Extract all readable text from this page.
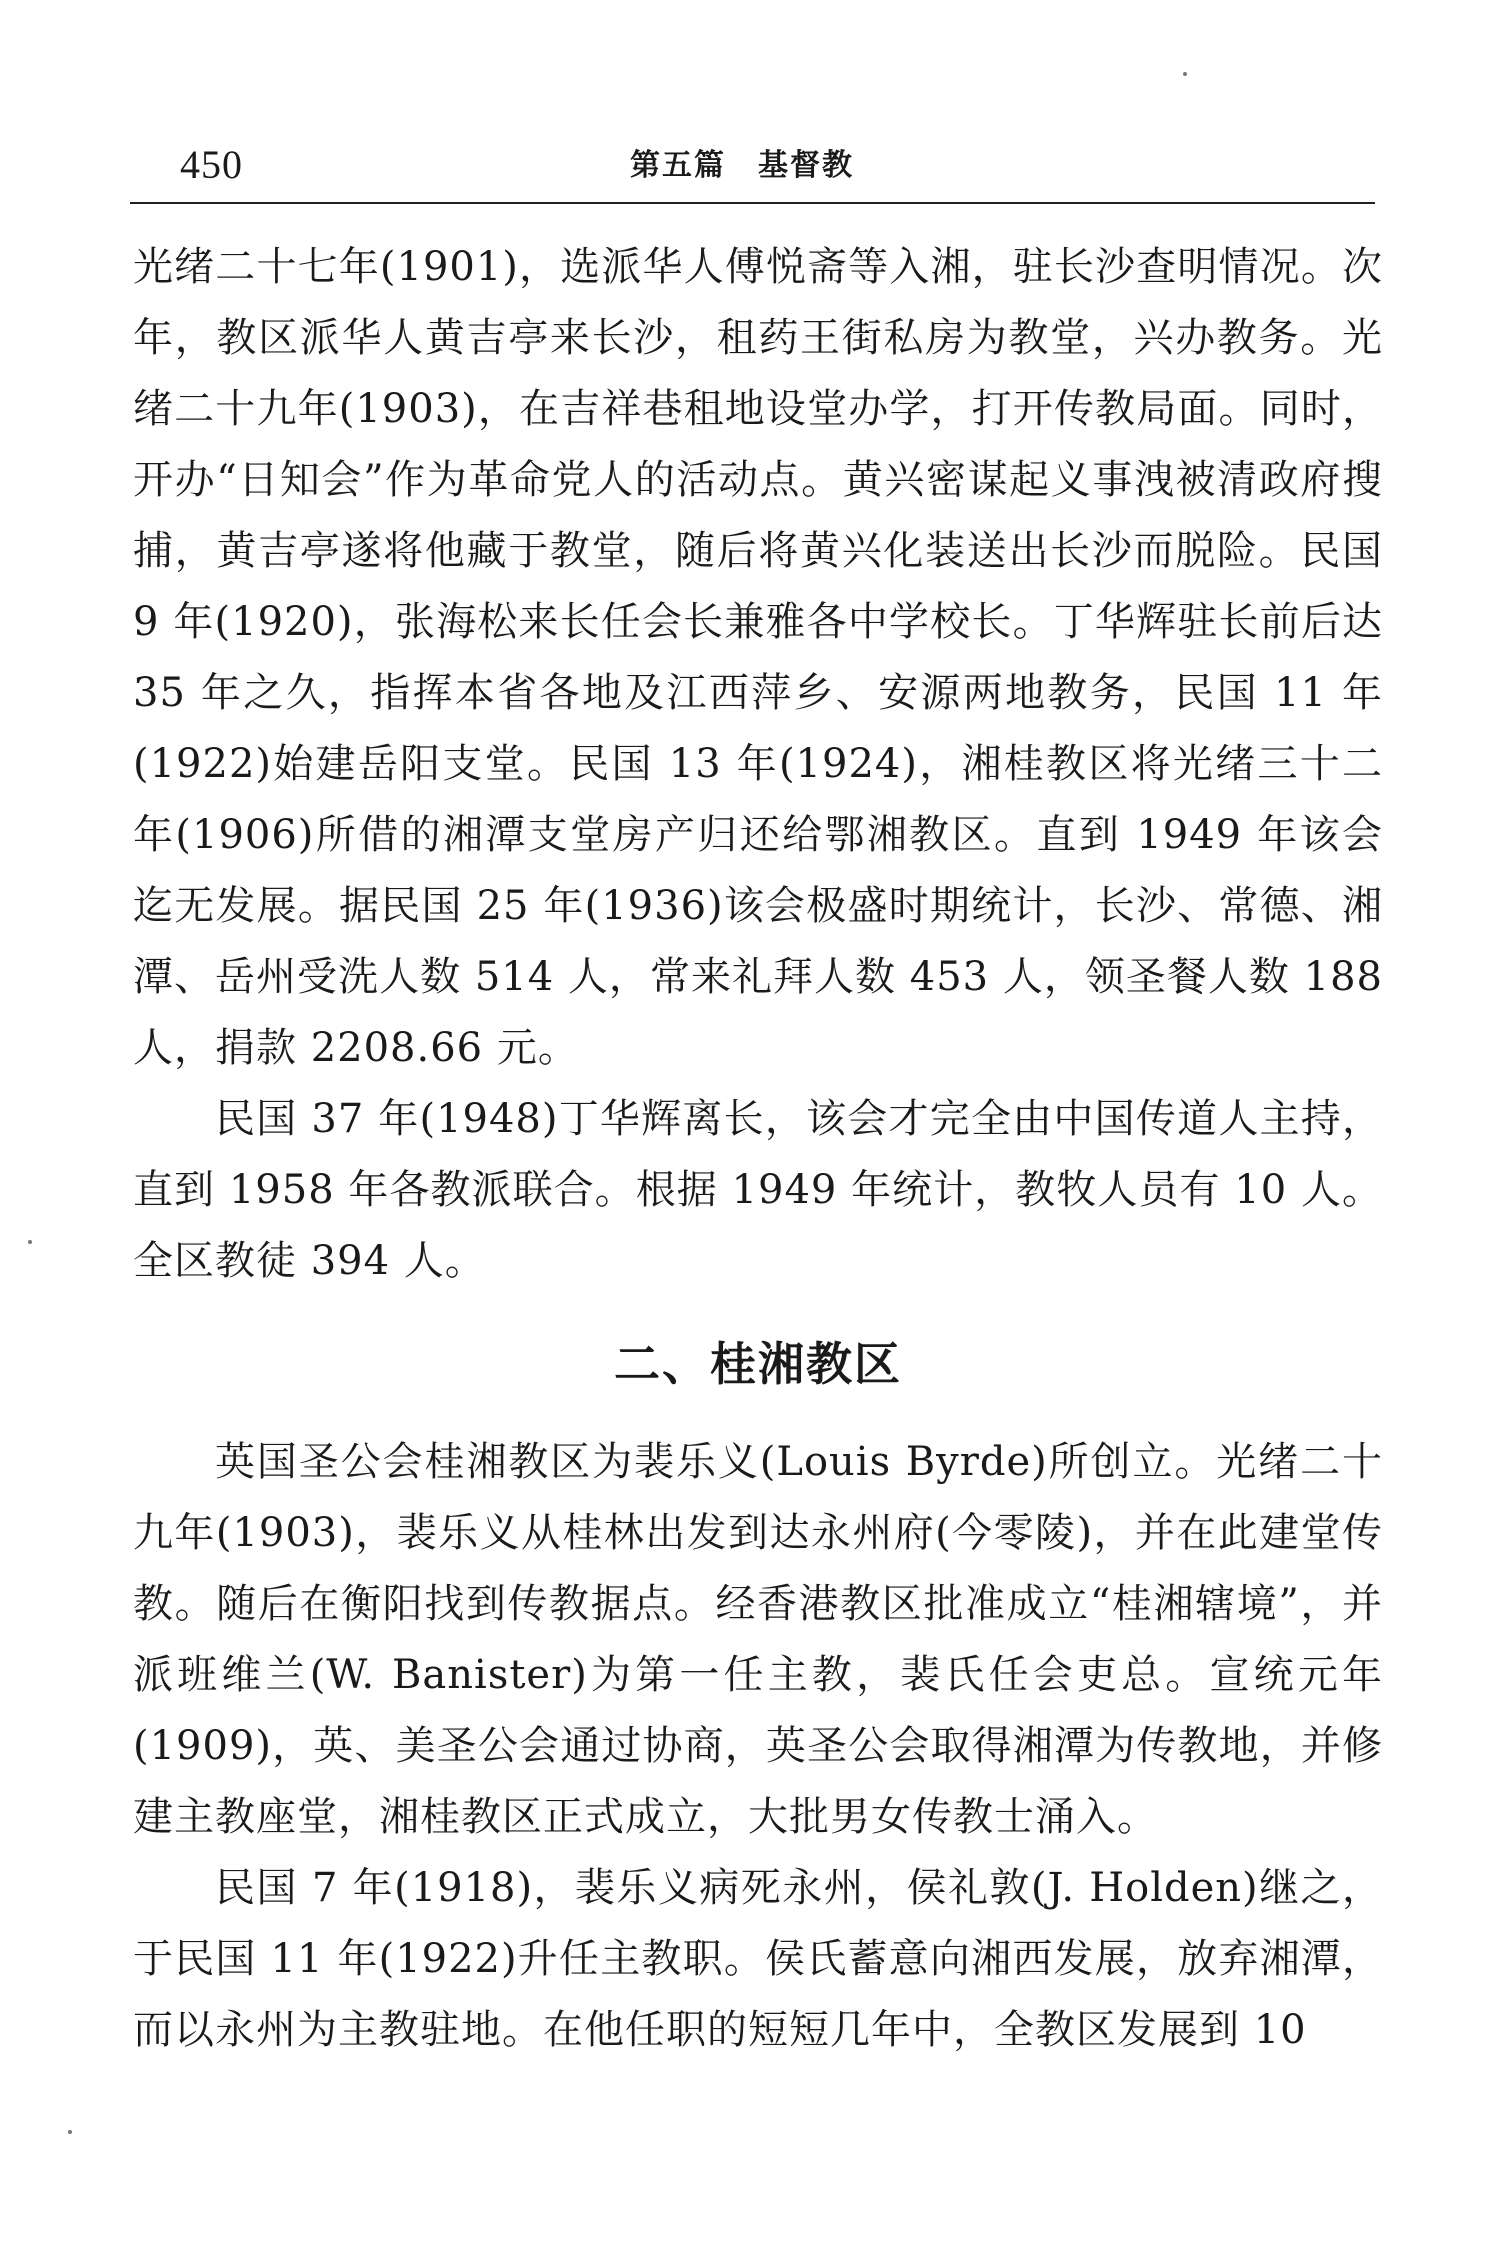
450	第五篇　基督教

光绪二十七年(1901)，选派华人傅悦斋等入湘，驻长沙查明情况。次年，教区派华人黄吉亭来长沙，租药王街私房为教堂，兴办教务。光绪二十九年(1903)，在吉祥巷租地设堂办学，打开传教局面。同时，开办“日知会”作为革命党人的活动点。黄兴密谋起义事洩被清政府搜捕，黄吉亭遂将他藏于教堂，随后将黄兴化装送出长沙而脱险。民国 9 年(1920)，张海松来长任会长兼雅各中学校长。丁华辉驻长前后达 35 年之久，指挥本省各地及江西萍乡、安源两地教务，民国 11 年(1922)始建岳阳支堂。民国 13 年(1924)，湘桂教区将光绪三十二年(1906)所借的湘潭支堂房产归还给鄂湘教区。直到 1949 年该会迄无发展。据民国 25 年(1936)该会极盛时期统计，长沙、常德、湘潭、岳州受洗人数 514 人，常来礼拜人数 453 人，领圣餐人数 188 人，捐款 2208.66 元。

民国 37 年(1948)丁华辉离长，该会才完全由中国传道人主持，直到 1958 年各教派联合。根据 1949 年统计，教牧人员有 10 人。全区教徒 394 人。

二、桂湘教区

英国圣公会桂湘教区为裴乐义(Louis Byrde)所创立。光绪二十九年(1903)，裴乐义从桂林出发到达永州府(今零陵)，并在此建堂传教。随后在衡阳找到传教据点。经香港教区批准成立“桂湘辖境”，并派班维兰(W. Banister)为第一任主教，裴氏任会吏总。宣统元年(1909)，英、美圣公会通过协商，英圣公会取得湘潭为传教地，并修建主教座堂，湘桂教区正式成立，大批男女传教士涌入。

民国 7 年(1918)，裴乐义病死永州，侯礼敦(J. Holden)继之，于民国 11 年(1922)升任主教职。侯氏蓄意向湘西发展，放弃湘潭，而以永州为主教驻地。在他任职的短短几年中，全教区发展到 10
